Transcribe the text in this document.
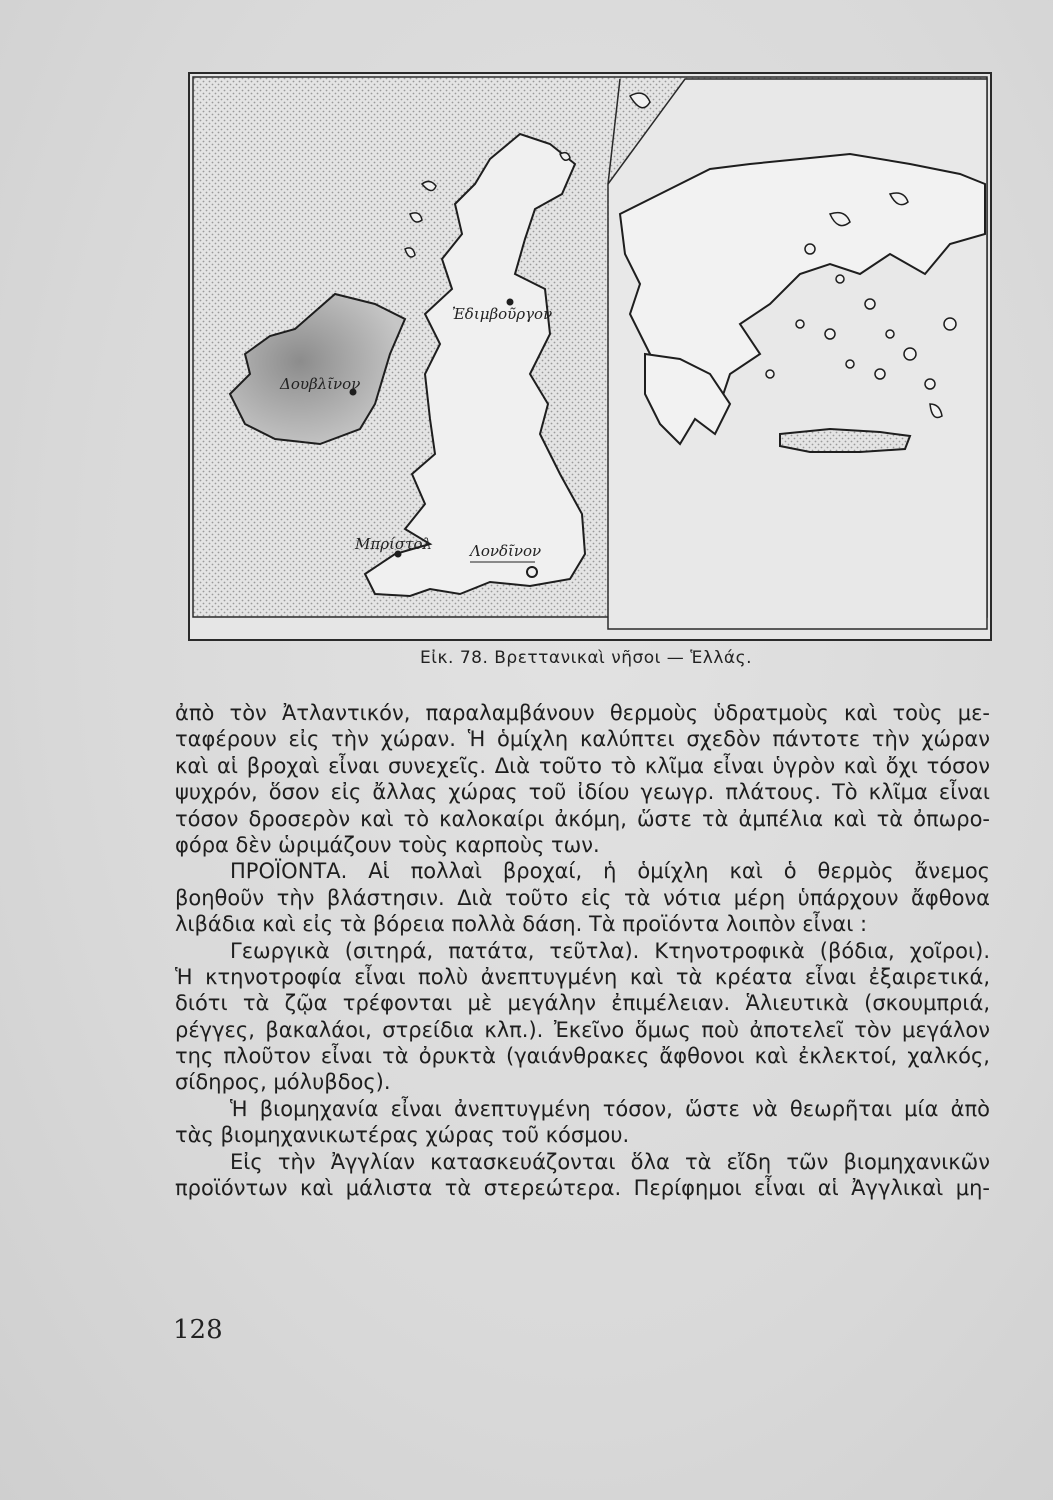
Ἐδιμβοῦργον
Δουβλῖνον
Μπρίστολ	Λονδῖνον
Εἰκ. 78. Βρεττανικαὶ νῆσοι — Ἑλλάς.
ἀπὸ τὸν Ἀτλαντικόν, παραλαμβάνουν θερμοὺς ὑδρατμοὺς καὶ τοὺς με-
ταφέρουν εἰς τὴν χώραν. Ἡ ὁμίχλη καλύπτει σχεδὸν πάντοτε τὴν χώραν
καὶ αἱ βροχαὶ εἶναι συνεχεῖς. Διὰ τοῦτο τὸ κλῖμα εἶναι ὑγρὸν καὶ ὄχι τόσον
ψυχρόν, ὅσον εἰς ἄλλας χώρας τοῦ ἰδίου γεωγρ. πλάτους. Τὸ κλῖμα εἶναι
τόσον δροσερὸν καὶ τὸ καλοκαίρι ἀκόμη, ὥστε τὰ ἀμπέλια καὶ τὰ ὀπωρο-
φόρα δὲν ὡριμάζουν τοὺς καρποὺς των.
ΠΡΟΪΟΝΤΑ. Αἱ πολλαὶ βροχαί, ἡ ὁμίχλη καὶ ὁ θερμὸς ἄνεμος
βοηθοῦν τὴν βλάστησιν. Διὰ τοῦτο εἰς τὰ νότια μέρη ὑπάρχουν ἄφθονα
λιβάδια καὶ εἰς τὰ βόρεια πολλὰ δάση. Τὰ προϊόντα λοιπὸν εἶναι :
Γεωργικὰ (σιτηρά, πατάτα, τεῦτλα). Κτηνοτροφικὰ (βόδια, χοῖροι).
Ἡ κτηνοτροφία εἶναι πολὺ ἀνεπτυγμένη καὶ τὰ κρέατα εἶναι ἐξαιρετικά,
διότι τὰ ζῷα τρέφονται μὲ μεγάλην ἐπιμέλειαν. Ἁλιευτικὰ (σκουμπριά,
ρέγγες, βακαλάοι, στρείδια κλπ.). Ἐκεῖνο ὅμως ποὺ ἀποτελεῖ τὸν μεγάλον
της πλοῦτον εἶναι τὰ ὀρυκτὰ (γαιάνθρακες ἄφθονοι καὶ ἐκλεκτοί, χαλκός,
σίδηρος, μόλυβδος).
Ἡ βιομηχανία εἶναι ἀνεπτυγμένη τόσον, ὥστε νὰ θεωρῆται μία ἀπὸ
τὰς βιομηχανικωτέρας χώρας τοῦ κόσμου.
Εἰς τὴν Ἀγγλίαν κατασκευάζονται ὅλα τὰ εἴδη τῶν βιομηχανικῶν
προϊόντων καὶ μάλιστα τὰ στερεώτερα. Περίφημοι εἶναι αἱ Ἀγγλικαὶ μη-
128
